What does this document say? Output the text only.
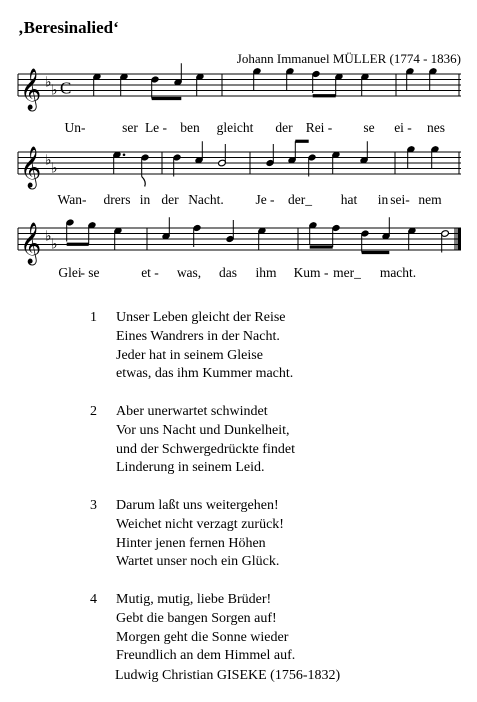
‚Beresinalied‘
Johann Immanuel MÜLLER (1774 - 1836)
𝄞 ♭
♭ C
Un-	ser Le - ben gleicht der Rei - se ei - nes
𝄞 ♭
♭
Wan- drers in der Nacht. Je - der_ hat in sei- nem
𝄞 ♭
♭
Glei
- se	et - was, das ihm Kum - mer_ macht.
1 Unser Leben gleicht der Reise
Eines Wandrers in der Nacht.
Jeder hat in seinem Gleise
etwas, das ihm Kummer macht.
2 Aber unerwartet schwindet
Vor uns Nacht und Dunkelheit,
und der Schwergedrückte findet
Linderung in seinem Leid.
3 Darum laßt uns weitergehen!
Weichet nicht verzagt zurück!
Hinter jenen fernen Höhen
Wartet unser noch ein Glück.
4 Mutig, mutig, liebe Brüder!
Gebt die bangen Sorgen auf!
Morgen geht die Sonne wieder
Freundlich an dem Himmel auf.
Ludwig Christian GISEKE (1756-1832)
